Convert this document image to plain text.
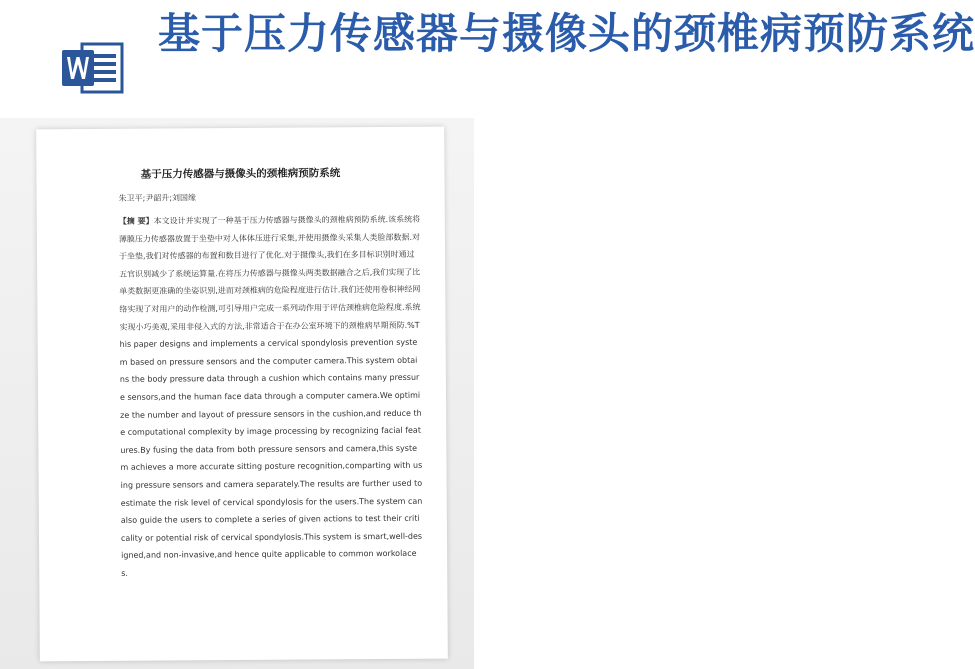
基于压力传感器与摄像头的颈椎病预防系统
基于压力传感器与摄像头的颈椎病预防系统
朱卫平;尹韶升;刘国缘
【摘 要】本文设计并实现了一种基于压力传感器与摄像头的颈椎病预防系统.该系统将薄膜压力传感器放置于坐垫中对人体体压进行采集,并使用摄像头采集人类脸部数据.对于坐垫,我们对传感器的布置和数目进行了优化.对于摄像头,我们在多目标识别时通过五官识别减少了系统运算量.在将压力传感器与摄像头两类数据融合之后,我们实现了比单类数据更准确的坐姿识别,进而对颈椎病的危险程度进行估计.我们还使用卷积神经网络实现了对用户的动作检测,可引导用户完成一系列动作用于评估颈椎病危险程度.系统实现小巧美观,采用非侵入式的方法,非常适合于在办公室环境下的颈椎病早期预防.%This paper designs and implements a cervical spondylosis prevention system based on pressure sensors and the computer camera.This system obtains the body pressure data through a cushion which contains many pressure sensors,and the human face data through a computer camera.We optimize the number and layout of pressure sensors in the cushion,and reduce the computational complexity by image processing by recognizing facial features.By fusing the data from both pressure sensors and camera,this system achieves a more accurate sitting posture recognition,comparting with using pressure sensors and camera separately.The results are further used to estimate the risk level of cervical spondylosis for the users.The system can also guide the users to complete a series of given actions to test their criticality or potential risk of cervical spondylosis.This system is smart,well-designed,and non-invasive,and hence quite applicable to common workolaces.
